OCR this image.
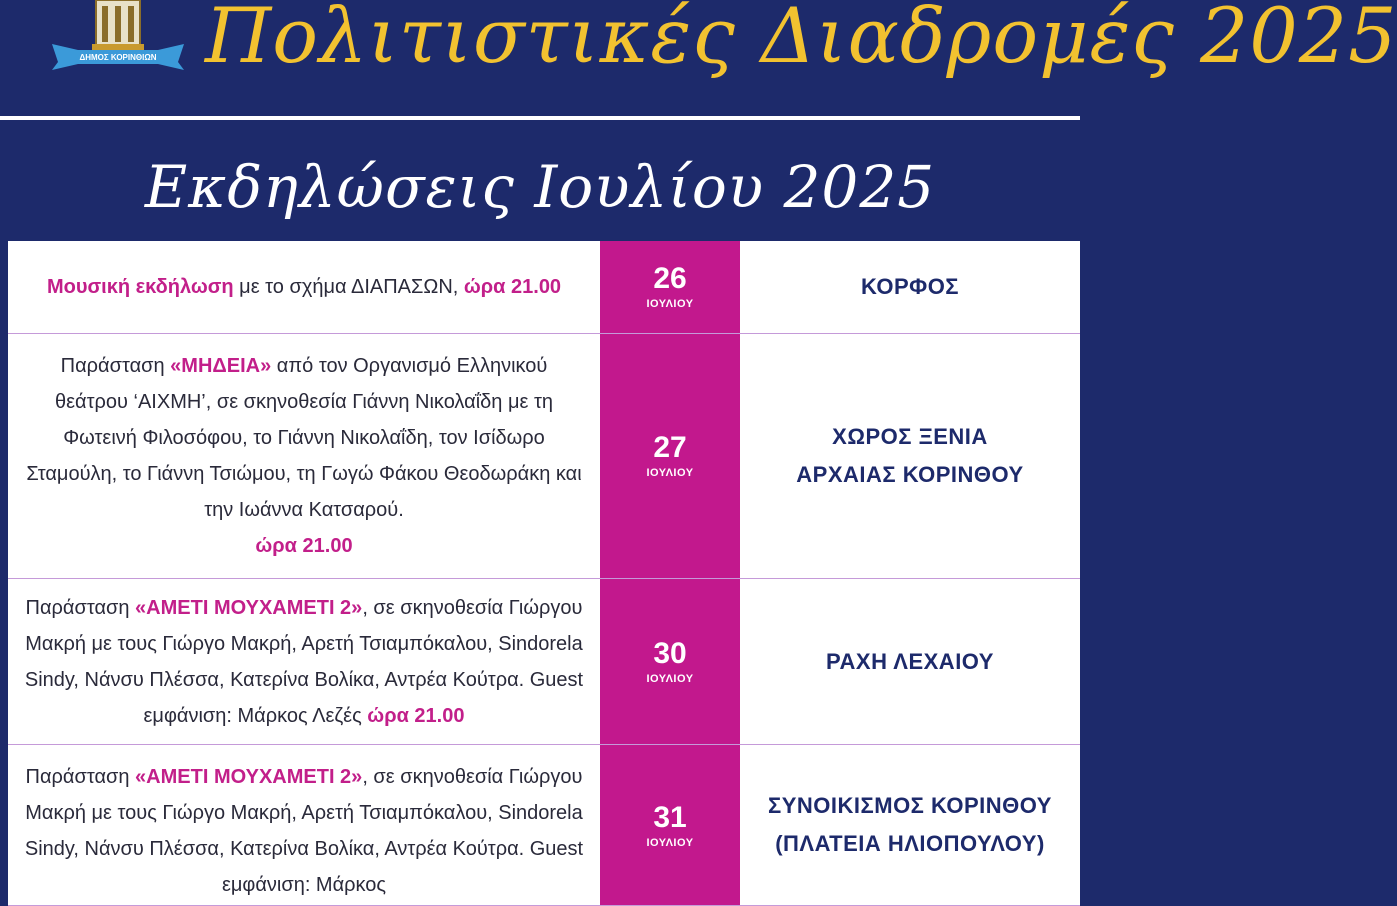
ΔΗΜΟΣ ΚΟΡΙΝΘΙΩΝ Πολιτιστικές Διαδρομές 2025
Εκδηλώσεις Ιουλίου 2025
Μουσική εκδήλωση με το σχήμα ΔΙΑΠΑΣΩΝ, ώρα 21.00	26
ΙΟΥΛΙΟΥ
ΚΟΡΦΟΣ
Παράσταση «ΜΗΔΕΙΑ» από τον Οργανισμό Ελληνικού θεάτρου ‘ΑΙΧΜΗ’, σε σκηνοθεσία Γιάννη Νικολαΐδη με τη Φωτεινή Φιλοσόφου, το Γιάννη Νικολαΐδη, τον Ισίδωρο Σταμούλη, το Γιάννη Τσιώμου, τη Γωγώ Φάκου Θεοδωράκη και την Ιωάννα Κατσαρού.
ώρα 21.00
27
ΙΟΥΛΙΟΥ
ΧΩΡΟΣ ΞΕΝΙΑ
ΑΡΧΑΙΑΣ ΚΟΡΙΝΘΟΥ
Παράσταση «ΑΜΕΤΙ ΜΟΥΧΑΜΕΤΙ 2», σε σκηνοθεσία Γιώργου Μακρή με τους Γιώργο Μακρή, Αρετή Τσιαμπόκαλου, Sindorela Sindy, Νάνσυ Πλέσσα, Κατερίνα Βολίκα, Αντρέα Κούτρα. Guest εμφάνιση: Μάρκος Λεζές ώρα 21.00
30
ΙΟΥΛΙΟΥ
ΡΑΧΗ ΛΕΧΑΙΟΥ
Παράσταση «ΑΜΕΤΙ ΜΟΥΧΑΜΕΤΙ 2», σε σκηνοθεσία Γιώργου Μακρή με τους Γιώργο Μακρή, Αρετή Τσιαμπόκαλου, Sindorela Sindy, Νάνσυ Πλέσσα, Κατερίνα Βολίκα, Αντρέα Κούτρα. Guest εμφάνιση: Μάρκος
31
ΙΟΥΛΙΟΥ
ΣΥΝΟΙΚΙΣΜΟΣ ΚΟΡΙΝΘΟΥ
(ΠΛΑΤΕΙΑ ΗΛΙΟΠΟΥΛΟΥ)
